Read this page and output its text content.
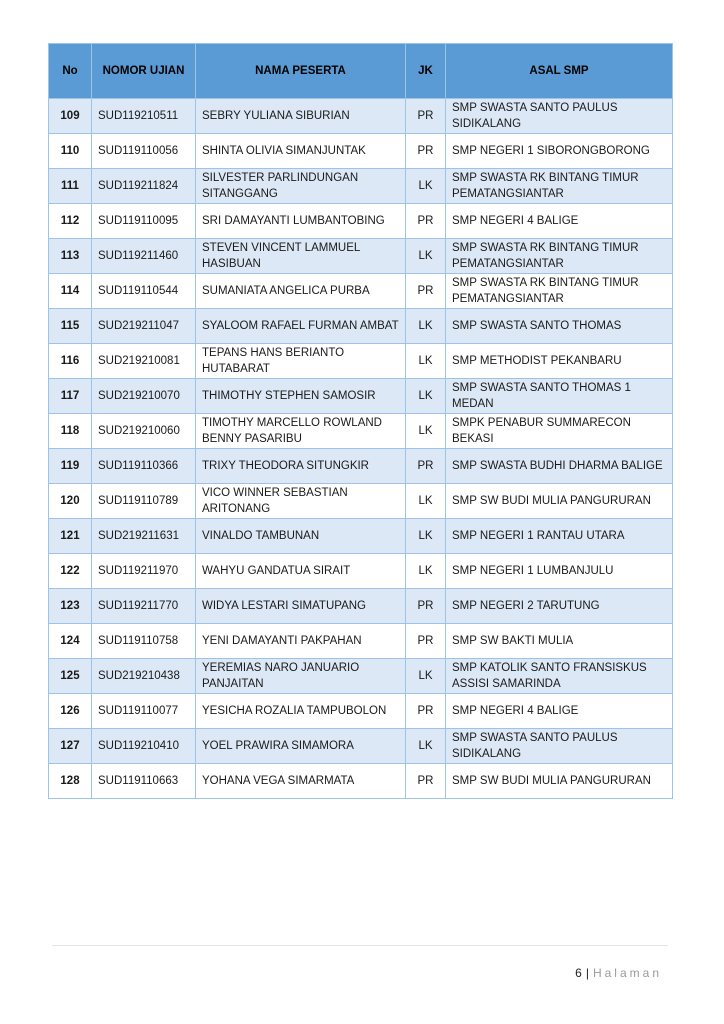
No	NOMOR UJIAN	NAMA PESERTA	JK	ASAL SMP
109	SUD119210511	SEBRY YULIANA SIBURIAN	PR	SMP SWASTA SANTO PAULUS SIDIKALANG
110	SUD119110056	SHINTA OLIVIA SIMANJUNTAK	PR	SMP NEGERI 1 SIBORONGBORONG
111	SUD119211824	SILVESTER PARLINDUNGAN SITANGGANG	LK	SMP SWASTA RK BINTANG TIMUR PEMATANGSIANTAR
112	SUD119110095	SRI DAMAYANTI LUMBANTOBING	PR	SMP NEGERI 4 BALIGE
113	SUD119211460	STEVEN VINCENT LAMMUEL HASIBUAN	LK	SMP SWASTA RK BINTANG TIMUR PEMATANGSIANTAR
114	SUD119110544	SUMANIATA ANGELICA PURBA	PR	SMP SWASTA RK BINTANG TIMUR PEMATANGSIANTAR
115	SUD219211047	SYALOOM RAFAEL FURMAN AMBAT	LK	SMP SWASTA SANTO THOMAS
116	SUD219210081	TEPANS HANS BERIANTO HUTABARAT	LK	SMP METHODIST PEKANBARU
117	SUD219210070	THIMOTHY STEPHEN SAMOSIR	LK	SMP SWASTA SANTO THOMAS 1 MEDAN
118	SUD219210060	TIMOTHY MARCELLO ROWLAND BENNY PASARIBU	LK	SMPK PENABUR SUMMARECON BEKASI
119	SUD119110366	TRIXY THEODORA SITUNGKIR	PR	SMP SWASTA BUDHI DHARMA BALIGE
120	SUD119110789	VICO WINNER SEBASTIAN ARITONANG	LK	SMP SW BUDI MULIA PANGURURAN
121	SUD219211631	VINALDO TAMBUNAN	LK	SMP NEGERI 1 RANTAU UTARA
122	SUD119211970	WAHYU GANDATUA SIRAIT	LK	SMP NEGERI 1 LUMBANJULU
123	SUD119211770	WIDYA LESTARI SIMATUPANG	PR	SMP NEGERI 2 TARUTUNG
124	SUD119110758	YENI DAMAYANTI PAKPAHAN	PR	SMP SW BAKTI MULIA
125	SUD219210438	YEREMIAS NARO JANUARIO PANJAITAN	LK	SMP KATOLIK SANTO FRANSISKUS ASSISI SAMARINDA
126	SUD119110077	YESICHA ROZALIA TAMPUBOLON	PR	SMP NEGERI 4 BALIGE
127	SUD119210410	YOEL PRAWIRA SIMAMORA	LK	SMP SWASTA SANTO PAULUS SIDIKALANG
128	SUD119110663	YOHANA VEGA SIMARMATA	PR	SMP SW BUDI MULIA PANGURURAN
6 | Halaman
